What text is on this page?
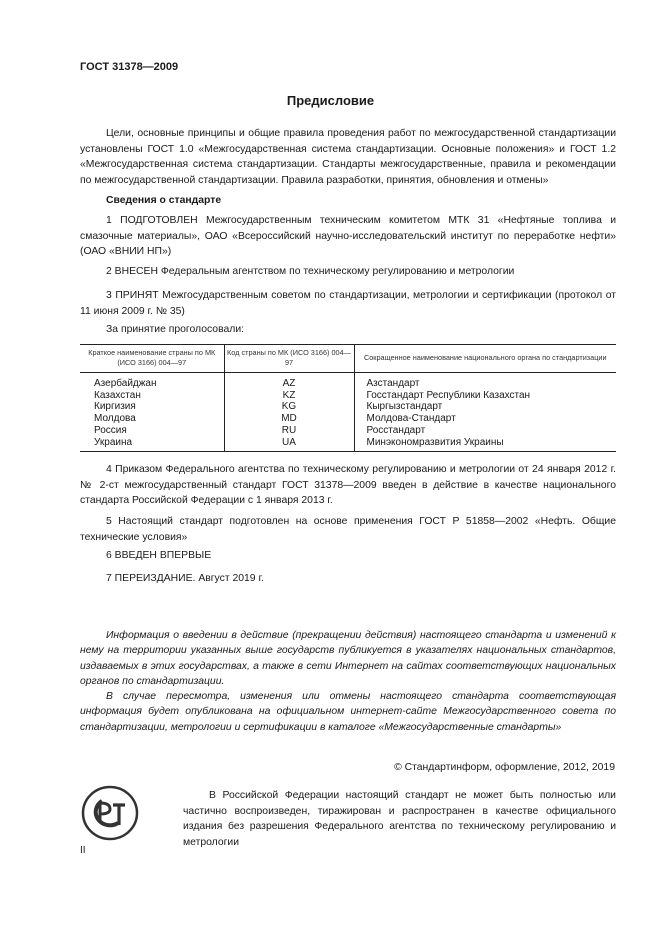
ГОСТ 31378—2009
Предисловие

Цели, основные принципы и общие правила проведения работ по межгосударственной стандартизации установлены ГОСТ 1.0 «Межгосударственная система стандартизации. Основные положения» и ГОСТ 1.2 «Межгосударственная система стандартизации. Стандарты межгосударственные, правила и рекомендации по межгосударственной стандартизации. Правила разработки, принятия, обновления и отмены»

Сведения о стандарте

1 ПОДГОТОВЛЕН Межгосударственным техническим комитетом МТК 31 «Нефтяные топлива и смазочные материалы», ОАО «Всероссийский научно-исследовательский институт по переработке нефти» (ОАО «ВНИИ НП»)

2 ВНЕСЕН Федеральным агентством по техническому регулированию и метрологии

3 ПРИНЯТ Межгосударственным советом по стандартизации, метрологии и сертификации (протокол от 11 июня 2009 г. № 35)

За принятие проголосовали:
Краткое наименование страны по МК (ИСО 3166) 004—97	Код страны по МК (ИСО 3166) 004—97	Сокращенное наименование национального органа по стандартизации
Азербайджан	AZ	Азстандарт
Казахстан	KZ	Госстандарт Республики Казахстан
Киргизия	KG	Кыргызстандарт
Молдова	MD	Молдова-Стандарт
Россия	RU	Росстандарт
Украина	UA	Минэкономразвития Украины

4 Приказом Федерального агентства по техническому регулированию и метрологии от 24 января 2012 г. № 2-ст межгосударственный стандарт ГОСТ 31378—2009 введен в действие в качестве национального стандарта Российской Федерации с 1 января 2013 г.

5 Настоящий стандарт подготовлен на основе применения ГОСТ Р 51858—2002 «Нефть. Общие технические условия»

6 ВВЕДЕН ВПЕРВЫЕ

7 ПЕРЕИЗДАНИЕ. Август 2019 г.

Информация о введении в действие (прекращении действия) настоящего стандарта и изменений к нему на территории указанных выше государств публикуется в указателях национальных стандартов, издаваемых в этих государствах, а также в сети Интернет на сайтах соответствующих национальных органов по стандартизации.

В случае пересмотра, изменения или отмены настоящего стандарта соответствующая информация будет опубликована на официальном интернет-сайте Межгосударственного совета по стандартизации, метрологии и сертификации в каталоге «Межгосударственные стандарты»

© Стандартинформ, оформление, 2012, 2019

В Российской Федерации настоящий стандарт не может быть полностью или частично воспроизведен, тиражирован и распространен в качестве официального издания без разрешения Федерального агентства по техническому регулированию и метрологии

II
